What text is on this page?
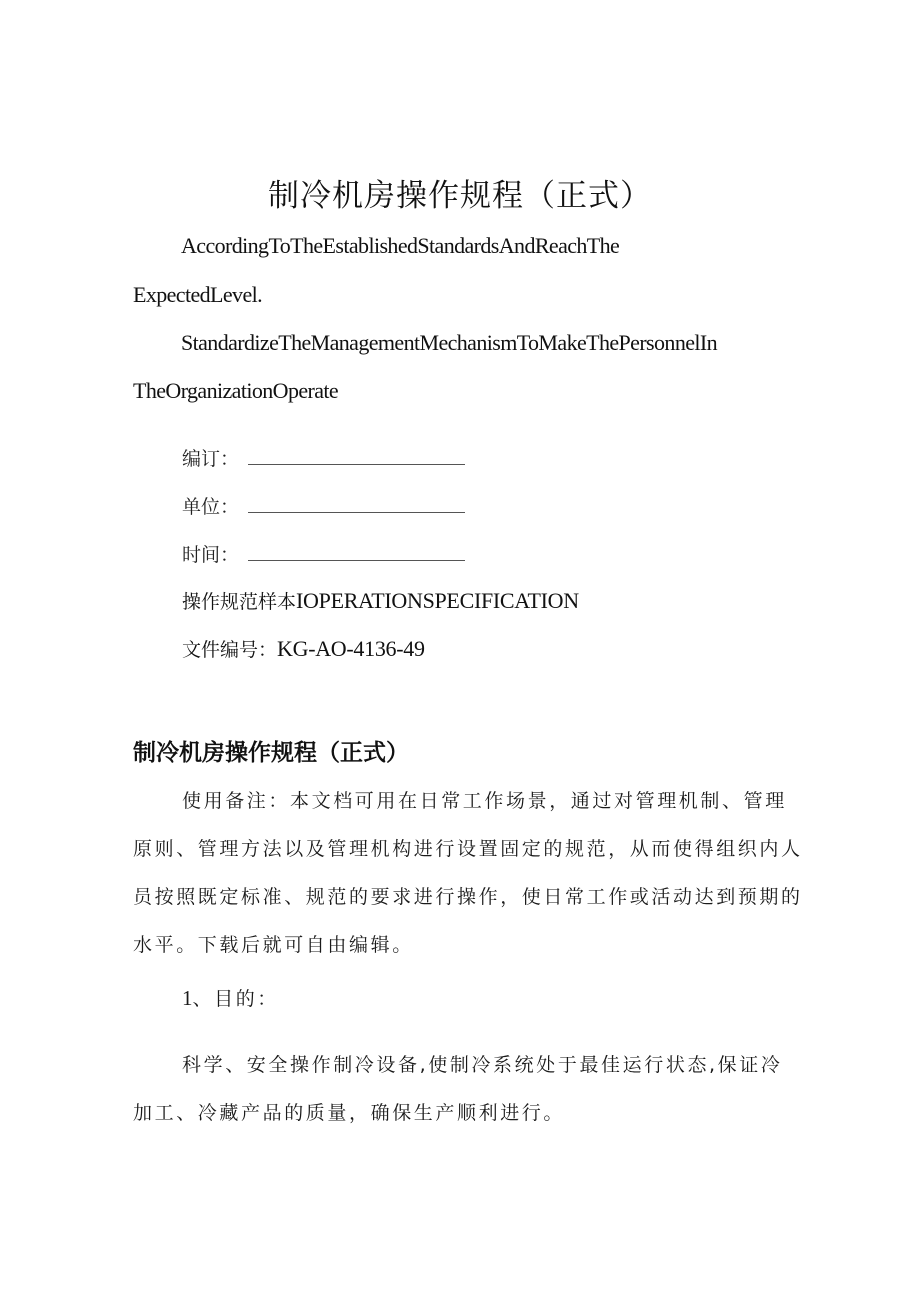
制冷机房操作规程（正式）
AccordingToTheEstablishedStandardsAndReachThe
ExpectedLevel.
StandardizeTheManagementMechanismToMakeThePersonnelIn
TheOrganizationOperate
编订：
单位：
时间：
操作规范样本IOPERATIONSPECIFICATION
文件编号：KG-AO-4136-49
制冷机房操作规程（正式）
使用备注：本文档可用在日常工作场景，通过对管理机制、管理
原则、管理方法以及管理机构进行设置固定的规范，从而使得组织内人
员按照既定标准、规范的要求进行操作，使日常工作或活动达到预期的
水平。下载后就可自由编辑。
1、目的：
科学、安全操作制冷设备,使制冷系统处于最佳运行状态,保证冷
加工、冷藏产品的质量，确保生产顺利进行。
